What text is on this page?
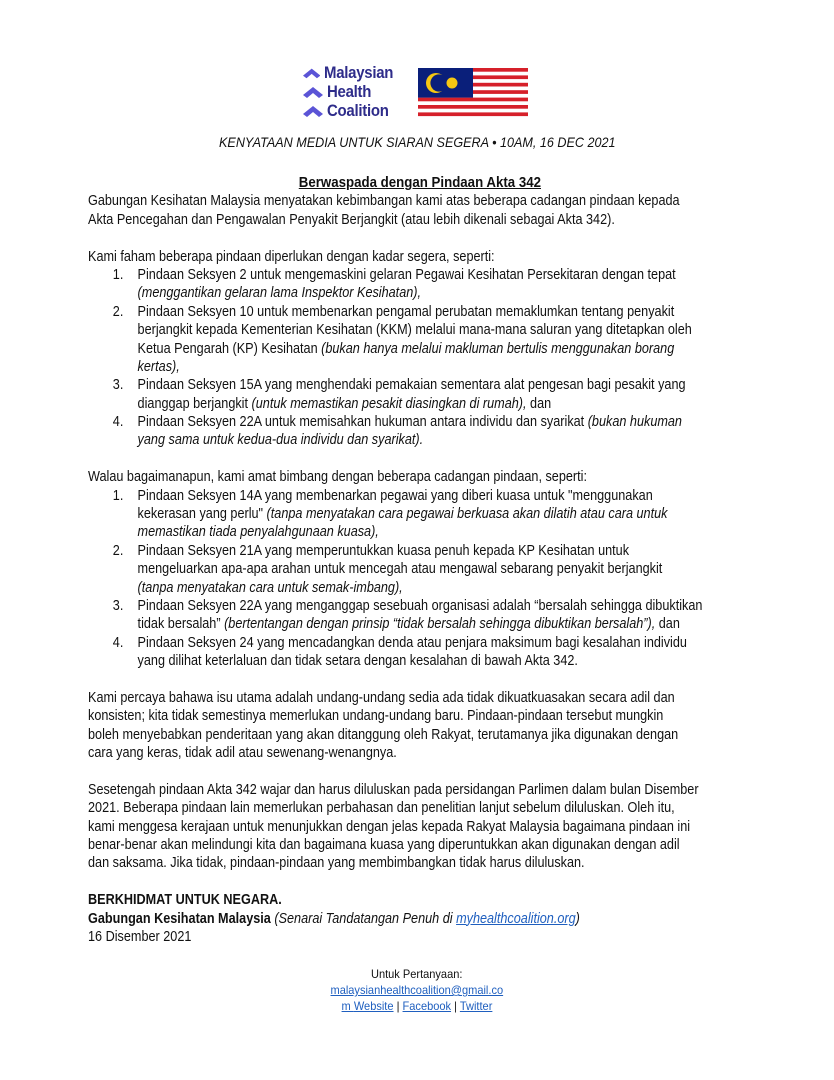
Malaysian
Health
Coalition
KENYATAAN MEDIA UNTUK SIARAN SEGERA • 10AM, 16 DEC 2021
Berwaspada dengan Pindaan Akta 342
Gabungan Kesihatan Malaysia menyatakan kebimbangan kami atas beberapa cadangan pindaan kepada
Akta Pencegahan dan Pengawalan Penyakit Berjangkit (atau lebih dikenali sebagai Akta 342).
Kami faham beberapa pindaan diperlukan dengan kadar segera, seperti:
1. Pindaan Seksyen 2 untuk mengemaskini gelaran Pegawai Kesihatan Persekitaran dengan tepat
(menggantikan gelaran lama Inspektor Kesihatan),
2. Pindaan Seksyen 10 untuk membenarkan pengamal perubatan memaklumkan tentang penyakit
berjangkit kepada Kementerian Kesihatan (KKM) melalui mana-mana saluran yang ditetapkan oleh
Ketua Pengarah (KP) Kesihatan (bukan hanya melalui makluman bertulis menggunakan borang
kertas),
3. Pindaan Seksyen 15A yang menghendaki pemakaian sementara alat pengesan bagi pesakit yang
dianggap berjangkit (untuk memastikan pesakit diasingkan di rumah), dan
4. Pindaan Seksyen 22A untuk memisahkan hukuman antara individu dan syarikat (bukan hukuman
yang sama untuk kedua-dua individu dan syarikat).
Walau bagaimanapun, kami amat bimbang dengan beberapa cadangan pindaan, seperti:
1. Pindaan Seksyen 14A yang membenarkan pegawai yang diberi kuasa untuk "menggunakan
kekerasan yang perlu" (tanpa menyatakan cara pegawai berkuasa akan dilatih atau cara untuk
memastikan tiada penyalahgunaan kuasa),
2. Pindaan Seksyen 21A yang memperuntukkan kuasa penuh kepada KP Kesihatan untuk
mengeluarkan apa-apa arahan untuk mencegah atau mengawal sebarang penyakit berjangkit
(tanpa menyatakan cara untuk semak-imbang),
3. Pindaan Seksyen 22A yang menganggap sesebuah organisasi adalah “bersalah sehingga dibuktikan
tidak bersalah” (bertentangan dengan prinsip “tidak bersalah sehingga dibuktikan bersalah”), dan
4. Pindaan Seksyen 24 yang mencadangkan denda atau penjara maksimum bagi kesalahan individu
yang dilihat keterlaluan dan tidak setara dengan kesalahan di bawah Akta 342.
Kami percaya bahawa isu utama adalah undang-undang sedia ada tidak dikuatkuasakan secara adil dan
konsisten; kita tidak semestinya memerlukan undang-undang baru. Pindaan-pindaan tersebut mungkin
boleh menyebabkan penderitaan yang akan ditanggung oleh Rakyat, terutamanya jika digunakan dengan
cara yang keras, tidak adil atau sewenang-wenangnya.
Sesetengah pindaan Akta 342 wajar dan harus diluluskan pada persidangan Parlimen dalam bulan Disember
2021. Beberapa pindaan lain memerlukan perbahasan dan penelitian lanjut sebelum diluluskan. Oleh itu,
kami menggesa kerajaan untuk menunjukkan dengan jelas kepada Rakyat Malaysia bagaimana pindaan ini
benar-benar akan melindungi kita dan bagaimana kuasa yang diperuntukkan akan digunakan dengan adil
dan saksama. Jika tidak, pindaan-pindaan yang membimbangkan tidak harus diluluskan.
BERKHIDMAT UNTUK NEGARA.
Gabungan Kesihatan Malaysia (Senarai Tandatangan Penuh di myhealthcoalition.org)
16 Disember 2021
Untuk Pertanyaan:
malaysianhealthcoalition@gmail.co
m Website | Facebook | Twitter
